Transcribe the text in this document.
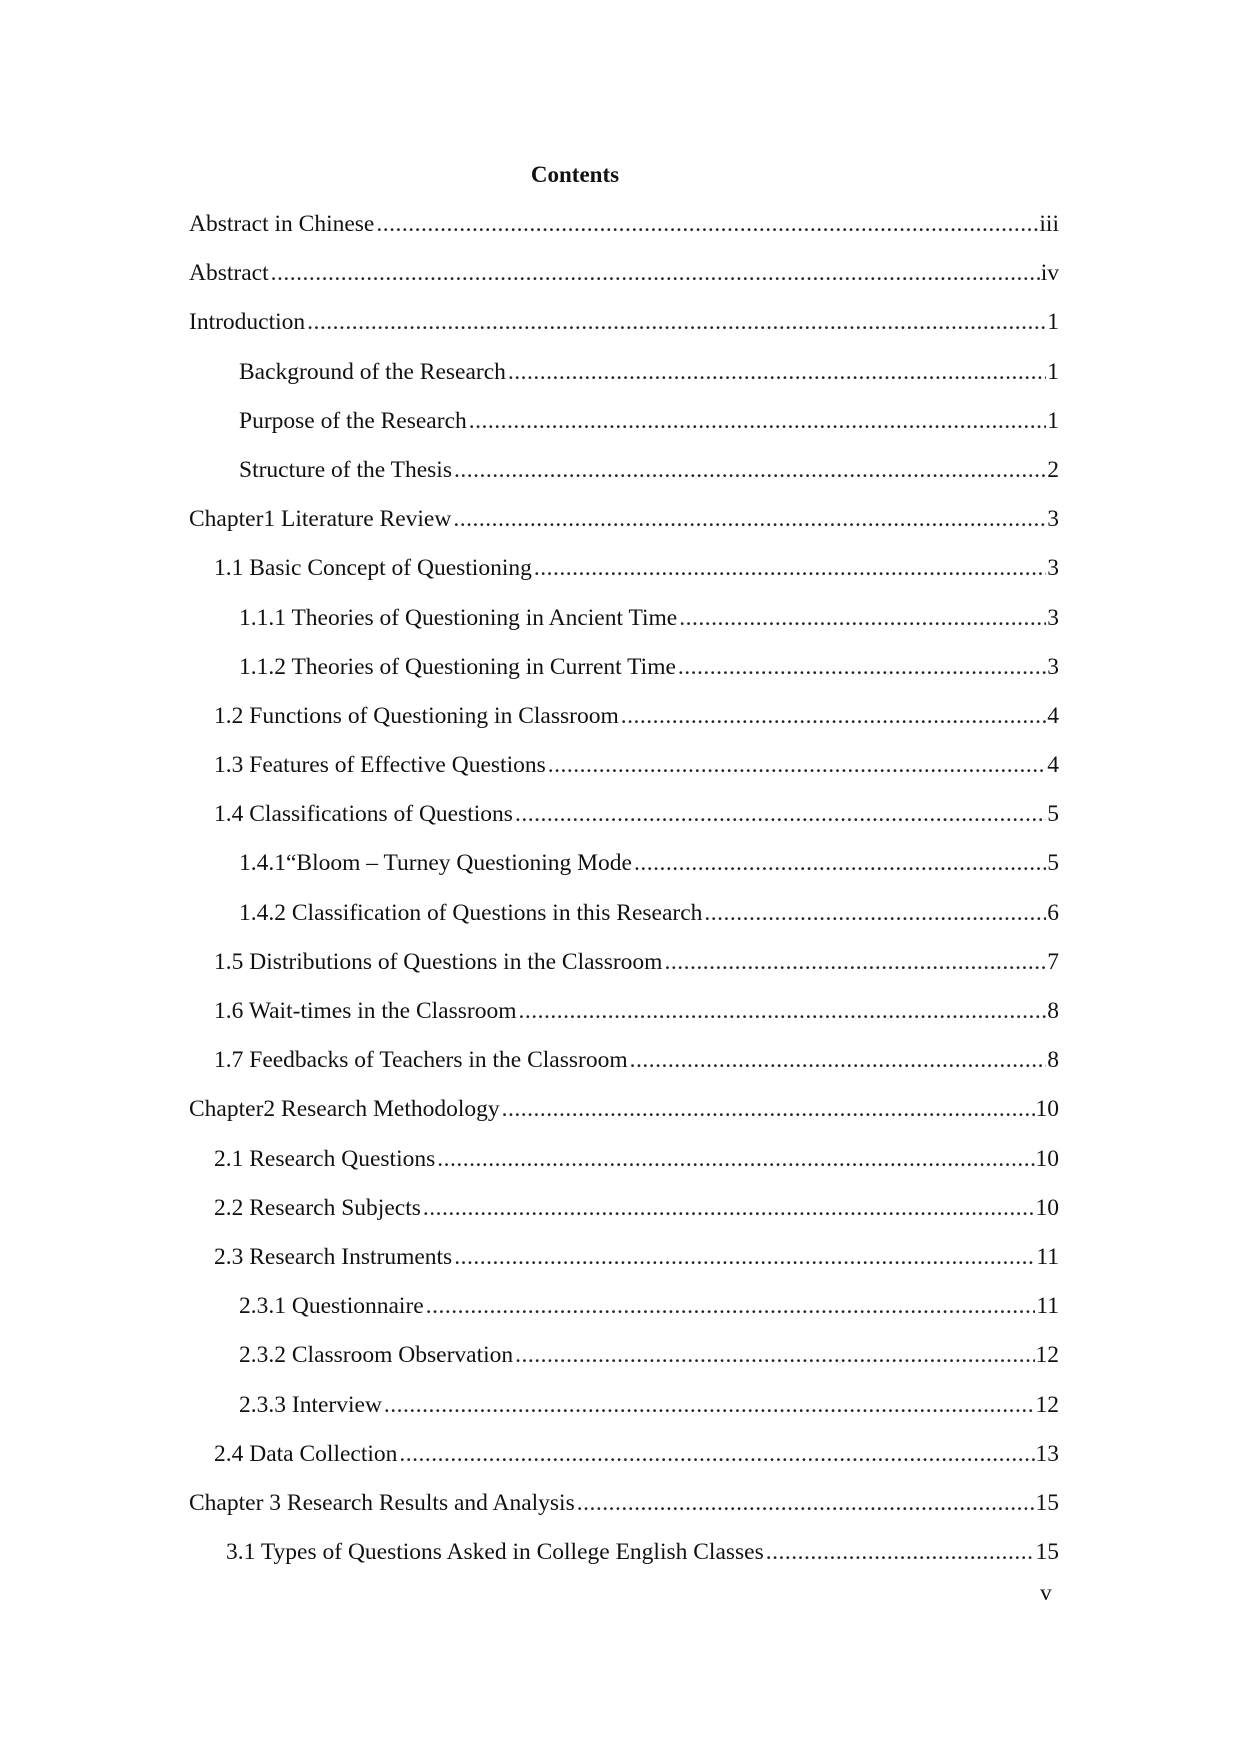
Contents
Abstract in Chinese .....	iii
Abstract .....	iv
Introduction .....	1
Background of the Research .....	1
Purpose of the Research .....	1
Structure of the Thesis .....	2
Chapter1 Literature Review .....	3
1.1 Basic Concept of Questioning .....	3
1.1.1 Theories of Questioning in Ancient Time .....	3
1.1.2 Theories of Questioning in Current Time .....	3
1.2 Functions of Questioning in Classroom .....	4
1.3 Features of Effective Questions .....	4
1.4 Classifications of Questions .....	5
1.4.1“Bloom – Turney Questioning Mode .....	5
1.4.2 Classification of Questions in this Research .....	6
1.5 Distributions of Questions in the Classroom .....	7
1.6 Wait-times in the Classroom .....	8
1.7 Feedbacks of Teachers in the Classroom .....	8
Chapter2 Research Methodology .....	10
2.1 Research Questions .....	10
2.2 Research Subjects .....	10
2.3 Research Instruments .....	11
2.3.1 Questionnaire .....	11
2.3.2 Classroom Observation .....	12
2.3.3 Interview .....	12
2.4 Data Collection .....	13
Chapter 3 Research Results and Analysis .....	15
3.1 Types of Questions Asked in College English Classes .....	15
v
